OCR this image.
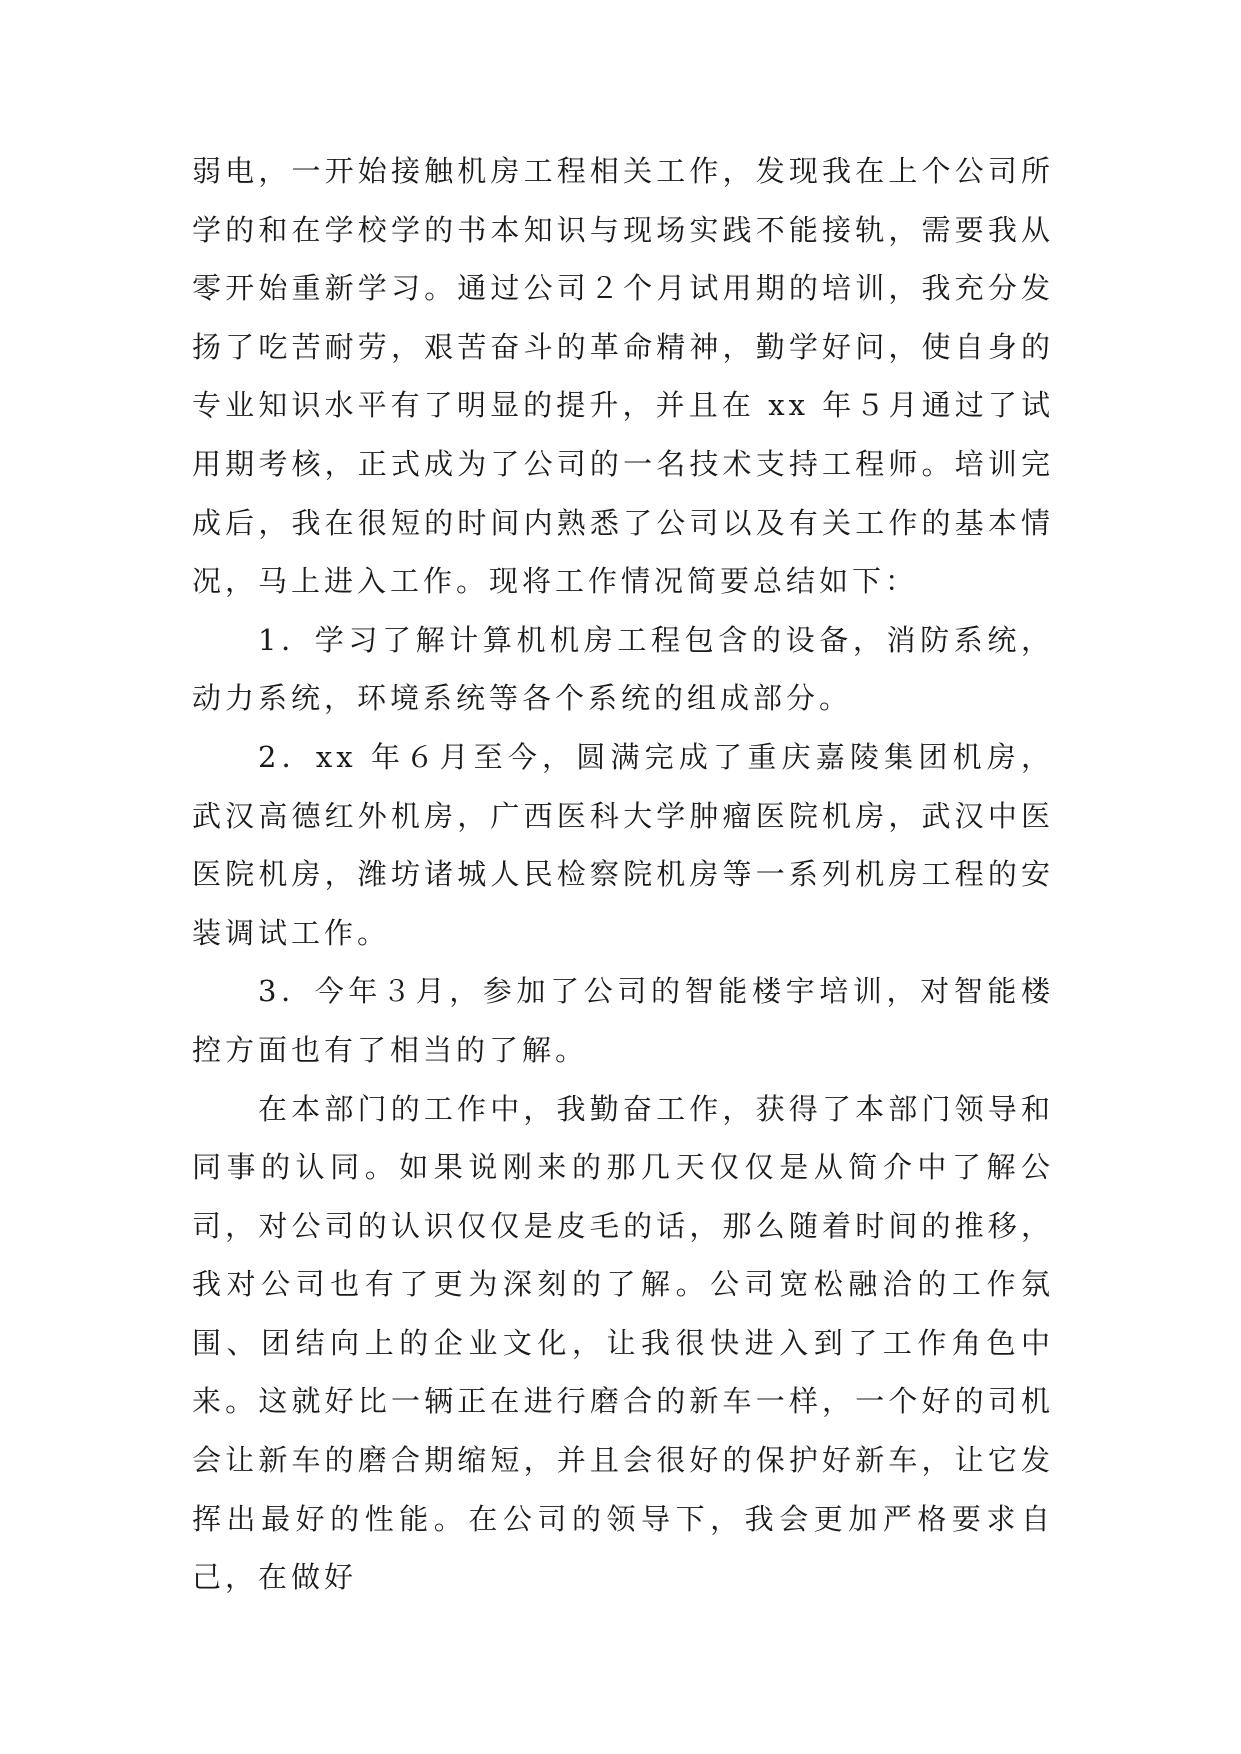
弱电，一开始接触机房工程相关工作，发现我在上个公司所学的和在学校学的书本知识与现场实践不能接轨，需要我从零开始重新学习。通过公司２个月试用期的培训，我充分发扬了吃苦耐劳，艰苦奋斗的革命精神，勤学好问，使自身的专业知识水平有了明显的提升，并且在 xx 年５月通过了试用期考核，正式成为了公司的一名技术支持工程师。培训完成后，我在很短的时间内熟悉了公司以及有关工作的基本情况，马上进入工作。现将工作情况简要总结如下：

1．学习了解计算机机房工程包含的设备，消防系统，动力系统，环境系统等各个系统的组成部分。

2．xx 年６月至今，圆满完成了重庆嘉陵集团机房，武汉高德红外机房，广西医科大学肿瘤医院机房，武汉中医医院机房，潍坊诸城人民检察院机房等一系列机房工程的安装调试工作。

3．今年３月，参加了公司的智能楼宇培训，对智能楼控方面也有了相当的了解。

在本部门的工作中，我勤奋工作，获得了本部门领导和同事的认同。如果说刚来的那几天仅仅是从简介中了解公司，对公司的认识仅仅是皮毛的话，那么随着时间的推移，我对公司也有了更为深刻的了解。公司宽松融洽的工作氛围、团结向上的企业文化，让我很快进入到了工作角色中来。这就好比一辆正在进行磨合的新车一样，一个好的司机会让新车的磨合期缩短，并且会很好的保护好新车，让它发挥出最好的性能。在公司的领导下，我会更加严格要求自己，在做好
